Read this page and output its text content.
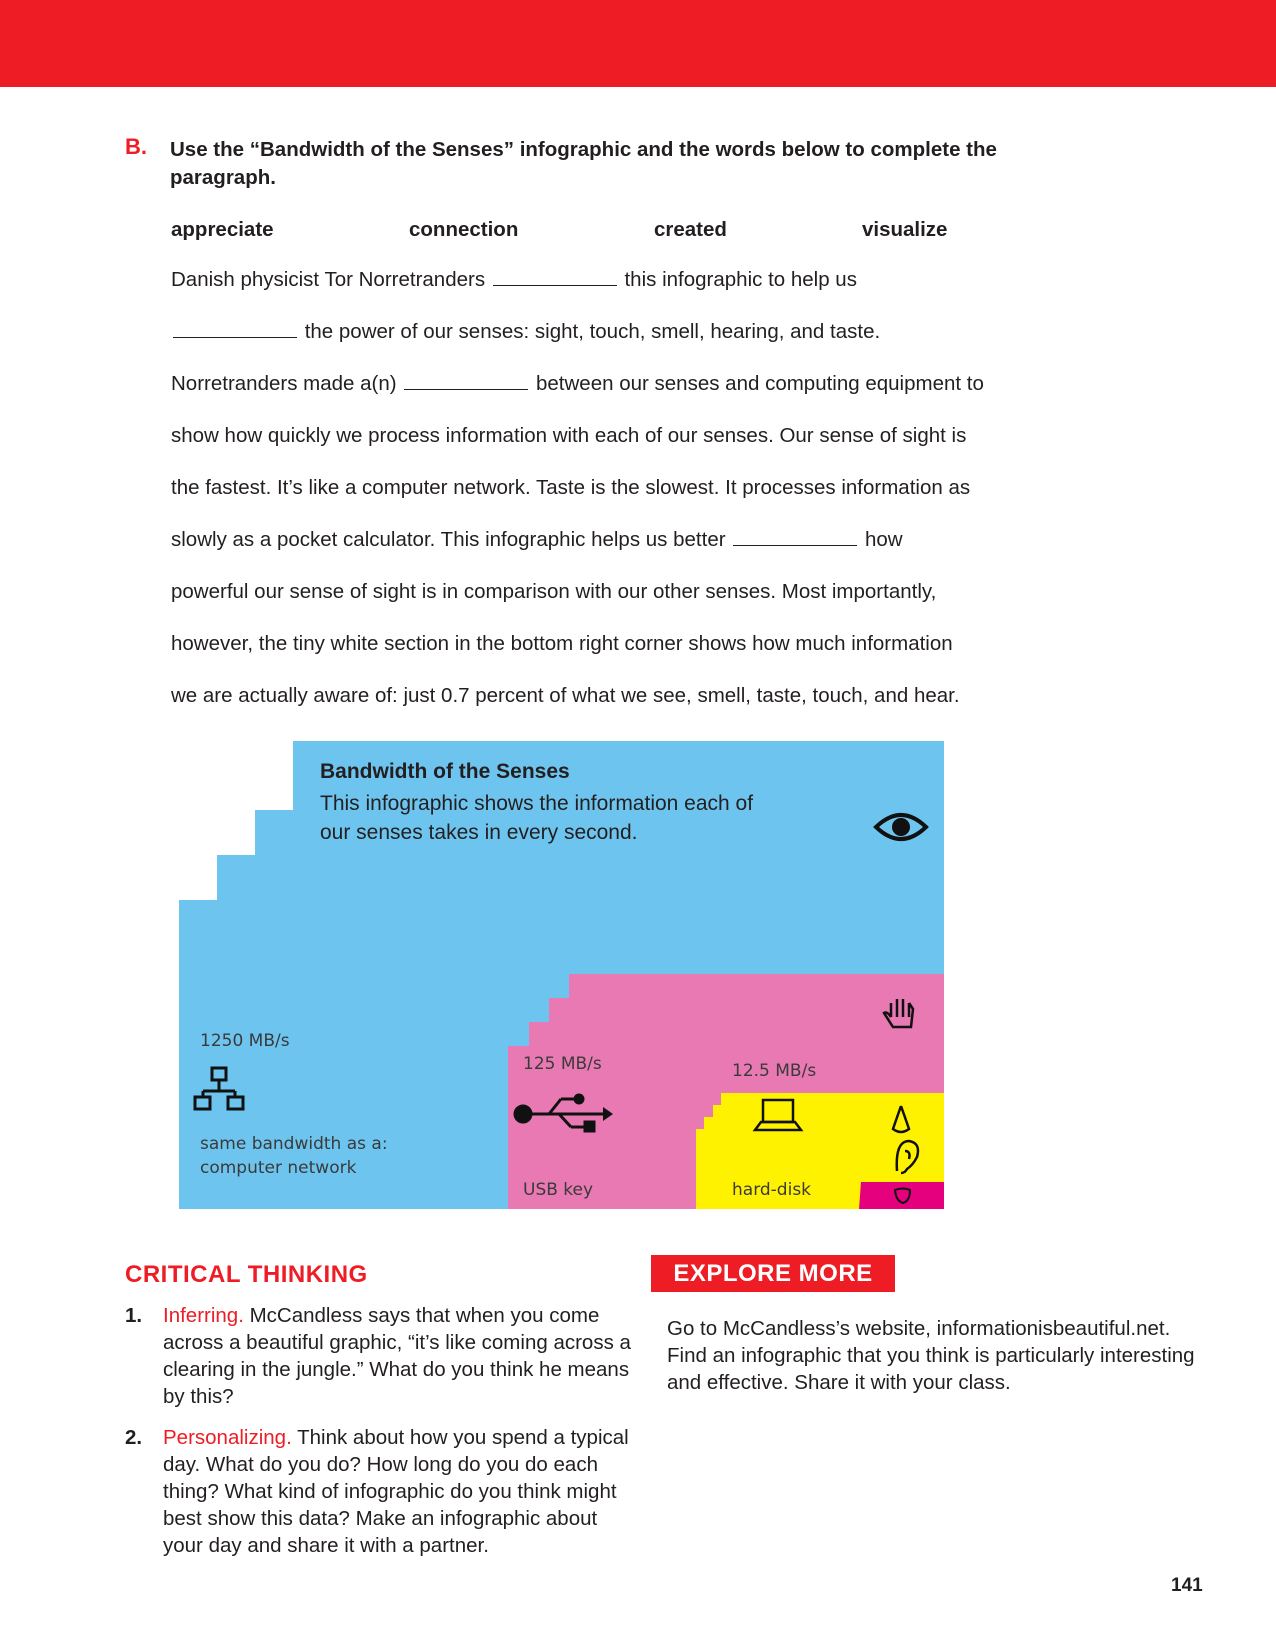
B. Use the “Bandwidth of the Senses” infographic and the words below to complete the paragraph.
appreciate	connection	created	visualize
Danish physicist Tor Norretranders	this infographic to help us
the power of our senses: sight, touch, smell, hearing, and taste.
Norretranders made a(n)	between our senses and computing equipment to
show how quickly we process information with each of our senses. Our sense of sight is
the fastest. It’s like a computer network. Taste is the slowest. It processes information as
slowly as a pocket calculator. This infographic helps us better	how
powerful our sense of sight is in comparison with our other senses. Most importantly,
however, the tiny white section in the bottom right corner shows how much information
we are actually aware of: just 0.7 percent of what we see, smell, taste, touch, and hear.
Bandwidth of the Senses
This infographic shows the information each of our senses takes in every second.
1250 MB/s
same bandwidth as a:
computer network
125 MB/s
USB key
12.5 MB/s
hard-disk
CRITICAL THINKING
1. Inferring. McCandless says that when you come across a beautiful graphic, “it’s like coming across a clearing in the jungle.” What do you think he means by this?
2. Personalizing. Think about how you spend a typical day. What do you do? How long do you do each thing? What kind of infographic do you think might best show this data? Make an infographic about your day and share it with a partner.
EXPLORE MORE
Go to McCandless’s website, informationisbeautiful.net. Find an infographic that you think is particularly interesting and effective. Share it with your class.
141
